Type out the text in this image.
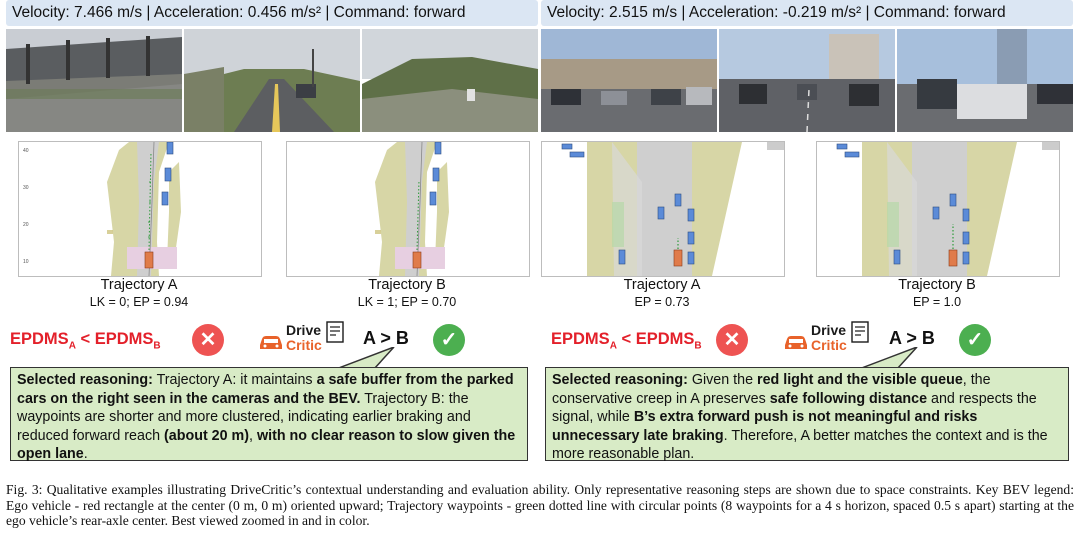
Velocity: 7.466 m/s | Acceleration: 0.456 m/s² | Command: forward
40
30
20
10
Trajectory A
LK = 0; EP = 0.94
Trajectory B
LK = 1; EP = 0.70
$EPDMS_A$ < $EPDMS_B$	✕	Drive
Critic A > B	✓
Selected reasoning: Trajectory A: it maintains a safe buffer from the parked cars on the right seen in the cameras and the BEV. Trajectory B: the waypoints are shorter and more clustered, indicating earlier braking and reduced forward reach (about 20 m), with no clear reason to slow given the open lane.
Velocity: 2.515 m/s | Acceleration: -0.219 m/s² | Command: forward
Trajectory A
EP = 0.73
Trajectory B
EP = 1.0
$EPDMS_A$ < $EPDMS_B$	✕	Drive
Critic A > B	✓
Selected reasoning: Given the red light and the visible queue, the conservative creep in A preserves safe following distance and respects the signal, while B’s extra forward push is not meaningful and risks unnecessary late braking. Therefore, A better matches the context and is the more reasonable plan.
Fig. 3: Qualitative examples illustrating DriveCritic’s contextual understanding and evaluation ability. Only representative reasoning steps are shown due to space constraints. Key BEV legend: Ego vehicle - red rectangle at the center (0 m, 0 m) oriented upward; Trajectory waypoints - green dotted line with circular points (8 waypoints for a 4 s horizon, spaced 0.5 s apart) starting at the ego vehicle’s rear-axle center. Best viewed zoomed in and in color.
